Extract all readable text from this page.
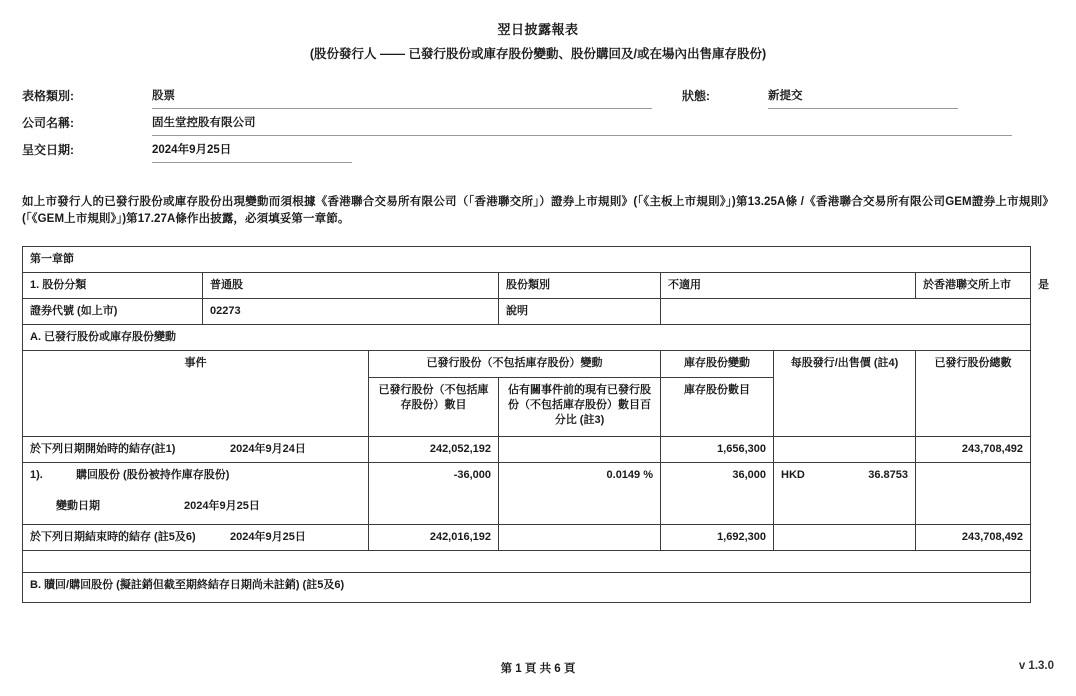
翌日披露報表
(股份發行人 —— 已發行股份或庫存股份變動、股份購回及/或在場內出售庫存股份)
表格類別:	股票	狀態:	新提交
公司名稱:	固生堂控股有限公司
呈交日期:	2024年9月25日
如上市發行人的已發行股份或庫存股份出現變動而須根據《香港聯合交易所有限公司（「香港聯交所」）證券上市規則》(「《主板上市規則》」)第13.25A條 /《香港聯合交易所有限公司GEM證券上市規則》(「《GEM上市規則》」)第17.27A條作出披露，必須填妥第一章節。
第一章節							
1. 股份分類	普通股		股份類別	不適用		於香港聯交所上市	是
證券代號 (如上市)	02273		說明				
A. 已發行股份或庫存股份變動							
事件		已發行股份（不包括庫存股份）變動		庫存股份變動	每股發行/出售價 (註4)	已發行股份總數	
		已發行股份（不包括庫存股份）數目	佔有關事件前的現有已發行股份（不包括庫存股份）數目百分比 (註3)	庫存股份數目			

於下列日期開始時的結存(註1) 2024年9月24日		242,052,192		1,656,300		243,708,492	

1).	購回股份 (股份被持作庫存股份)
變動日期	2024年9月25日
	-36,000	0.0149 %	36,000	HKD	36.8753

於下列日期結束時的結存 (註5及6) 2024年9月25日		242,016,192		1,692,300		243,708,492	

B. 贖回/購回股份 (擬註銷但截至期終結存日期尚未註銷) (註5及6)							
第 1 頁 共 6 頁	v 1.3.0
